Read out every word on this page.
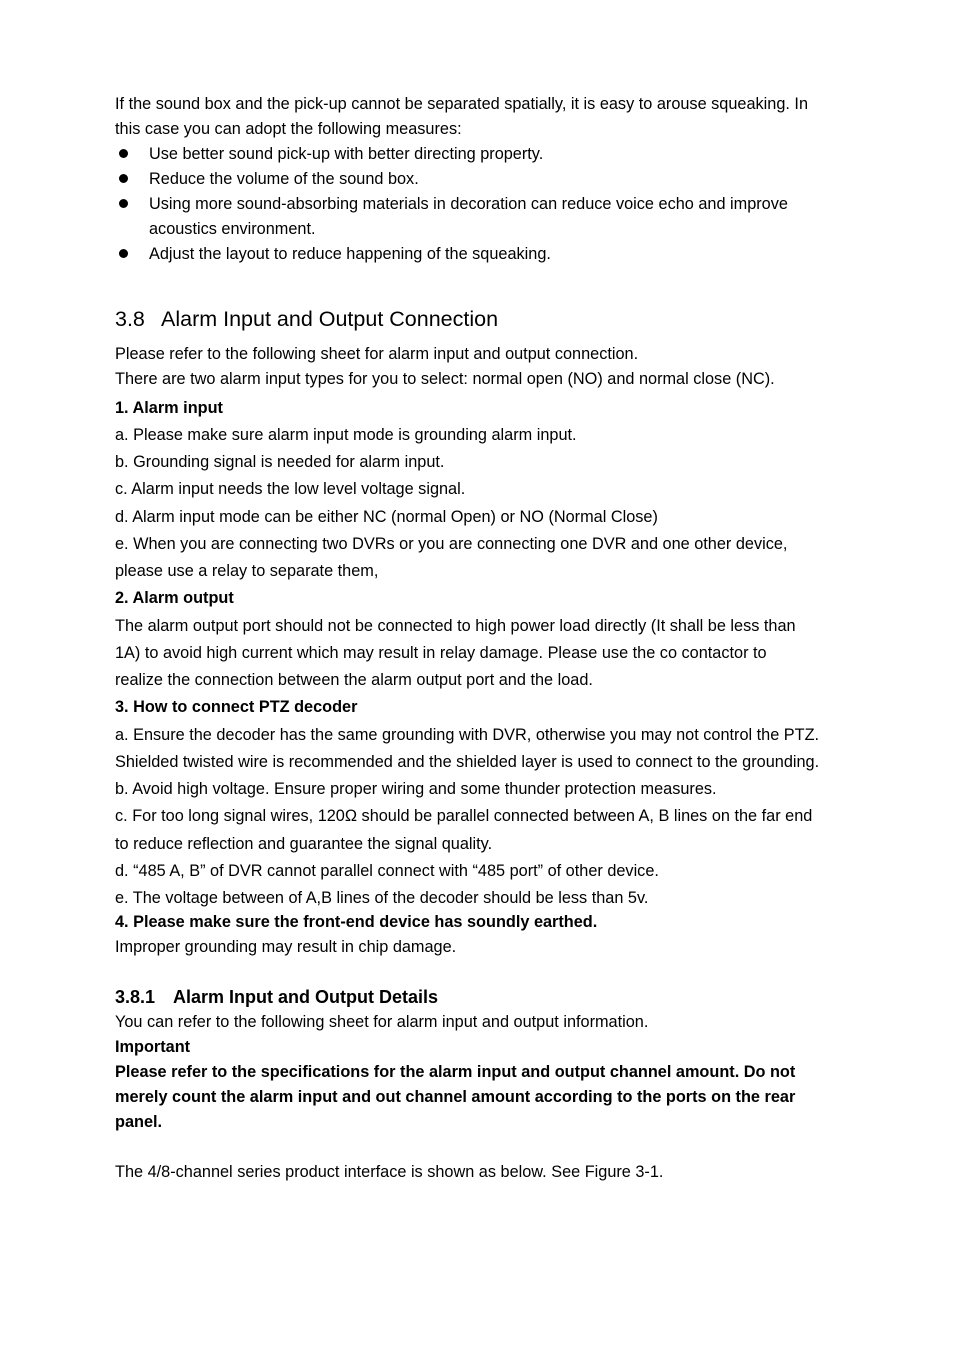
If the sound box and the pick-up cannot be separated spatially, it is easy to arouse squeaking. In

this case you can adopt the following measures:

Use better sound pick-up with better directing property.

Reduce the volume of the sound box.

Using more sound-absorbing materials in decoration can reduce voice echo and improve

acoustics environment.

Adjust the layout to reduce happening of the squeaking.

3.8 Alarm Input and Output Connection

Please refer to the following sheet for alarm input and output connection.

There are two alarm input types for you to select: normal open (NO) and normal close (NC).

1. Alarm input

a. Please make sure alarm input mode is grounding alarm input.

b. Grounding signal is needed for alarm input.

c. Alarm input needs the low level voltage signal.

d. Alarm input mode can be either NC (normal Open) or NO (Normal Close)

e. When you are connecting two DVRs or you are connecting one DVR and one other device,

please use a relay to separate them,

2. Alarm output

The alarm output port should not be connected to high power load directly (It shall be less than

1A) to avoid high current which may result in relay damage. Please use the co contactor to

realize the connection between the alarm output port and the load.

3. How to connect PTZ decoder

a. Ensure the decoder has the same grounding with DVR, otherwise you may not control the PTZ.

Shielded twisted wire is recommended and the shielded layer is used to connect to the grounding.

b. Avoid high voltage. Ensure proper wiring and some thunder protection measures.

c. For too long signal wires, 120Ω should be parallel connected between A, B lines on the far end

to reduce reflection and guarantee the signal quality.

d. “485 A, B” of DVR cannot parallel connect with “485 port” of other device.

e. The voltage between of A,B lines of the decoder should be less than 5v.

4. Please make sure the front-end device has soundly earthed.

Improper grounding may result in chip damage.

3.8.1 Alarm Input and Output Details

You can refer to the following sheet for alarm input and output information.

Important

Please refer to the specifications for the alarm input and output channel amount. Do not

merely count the alarm input and out channel amount according to the ports on the rear

panel.

The 4/8-channel series product interface is shown as below. See Figure 3-1.
